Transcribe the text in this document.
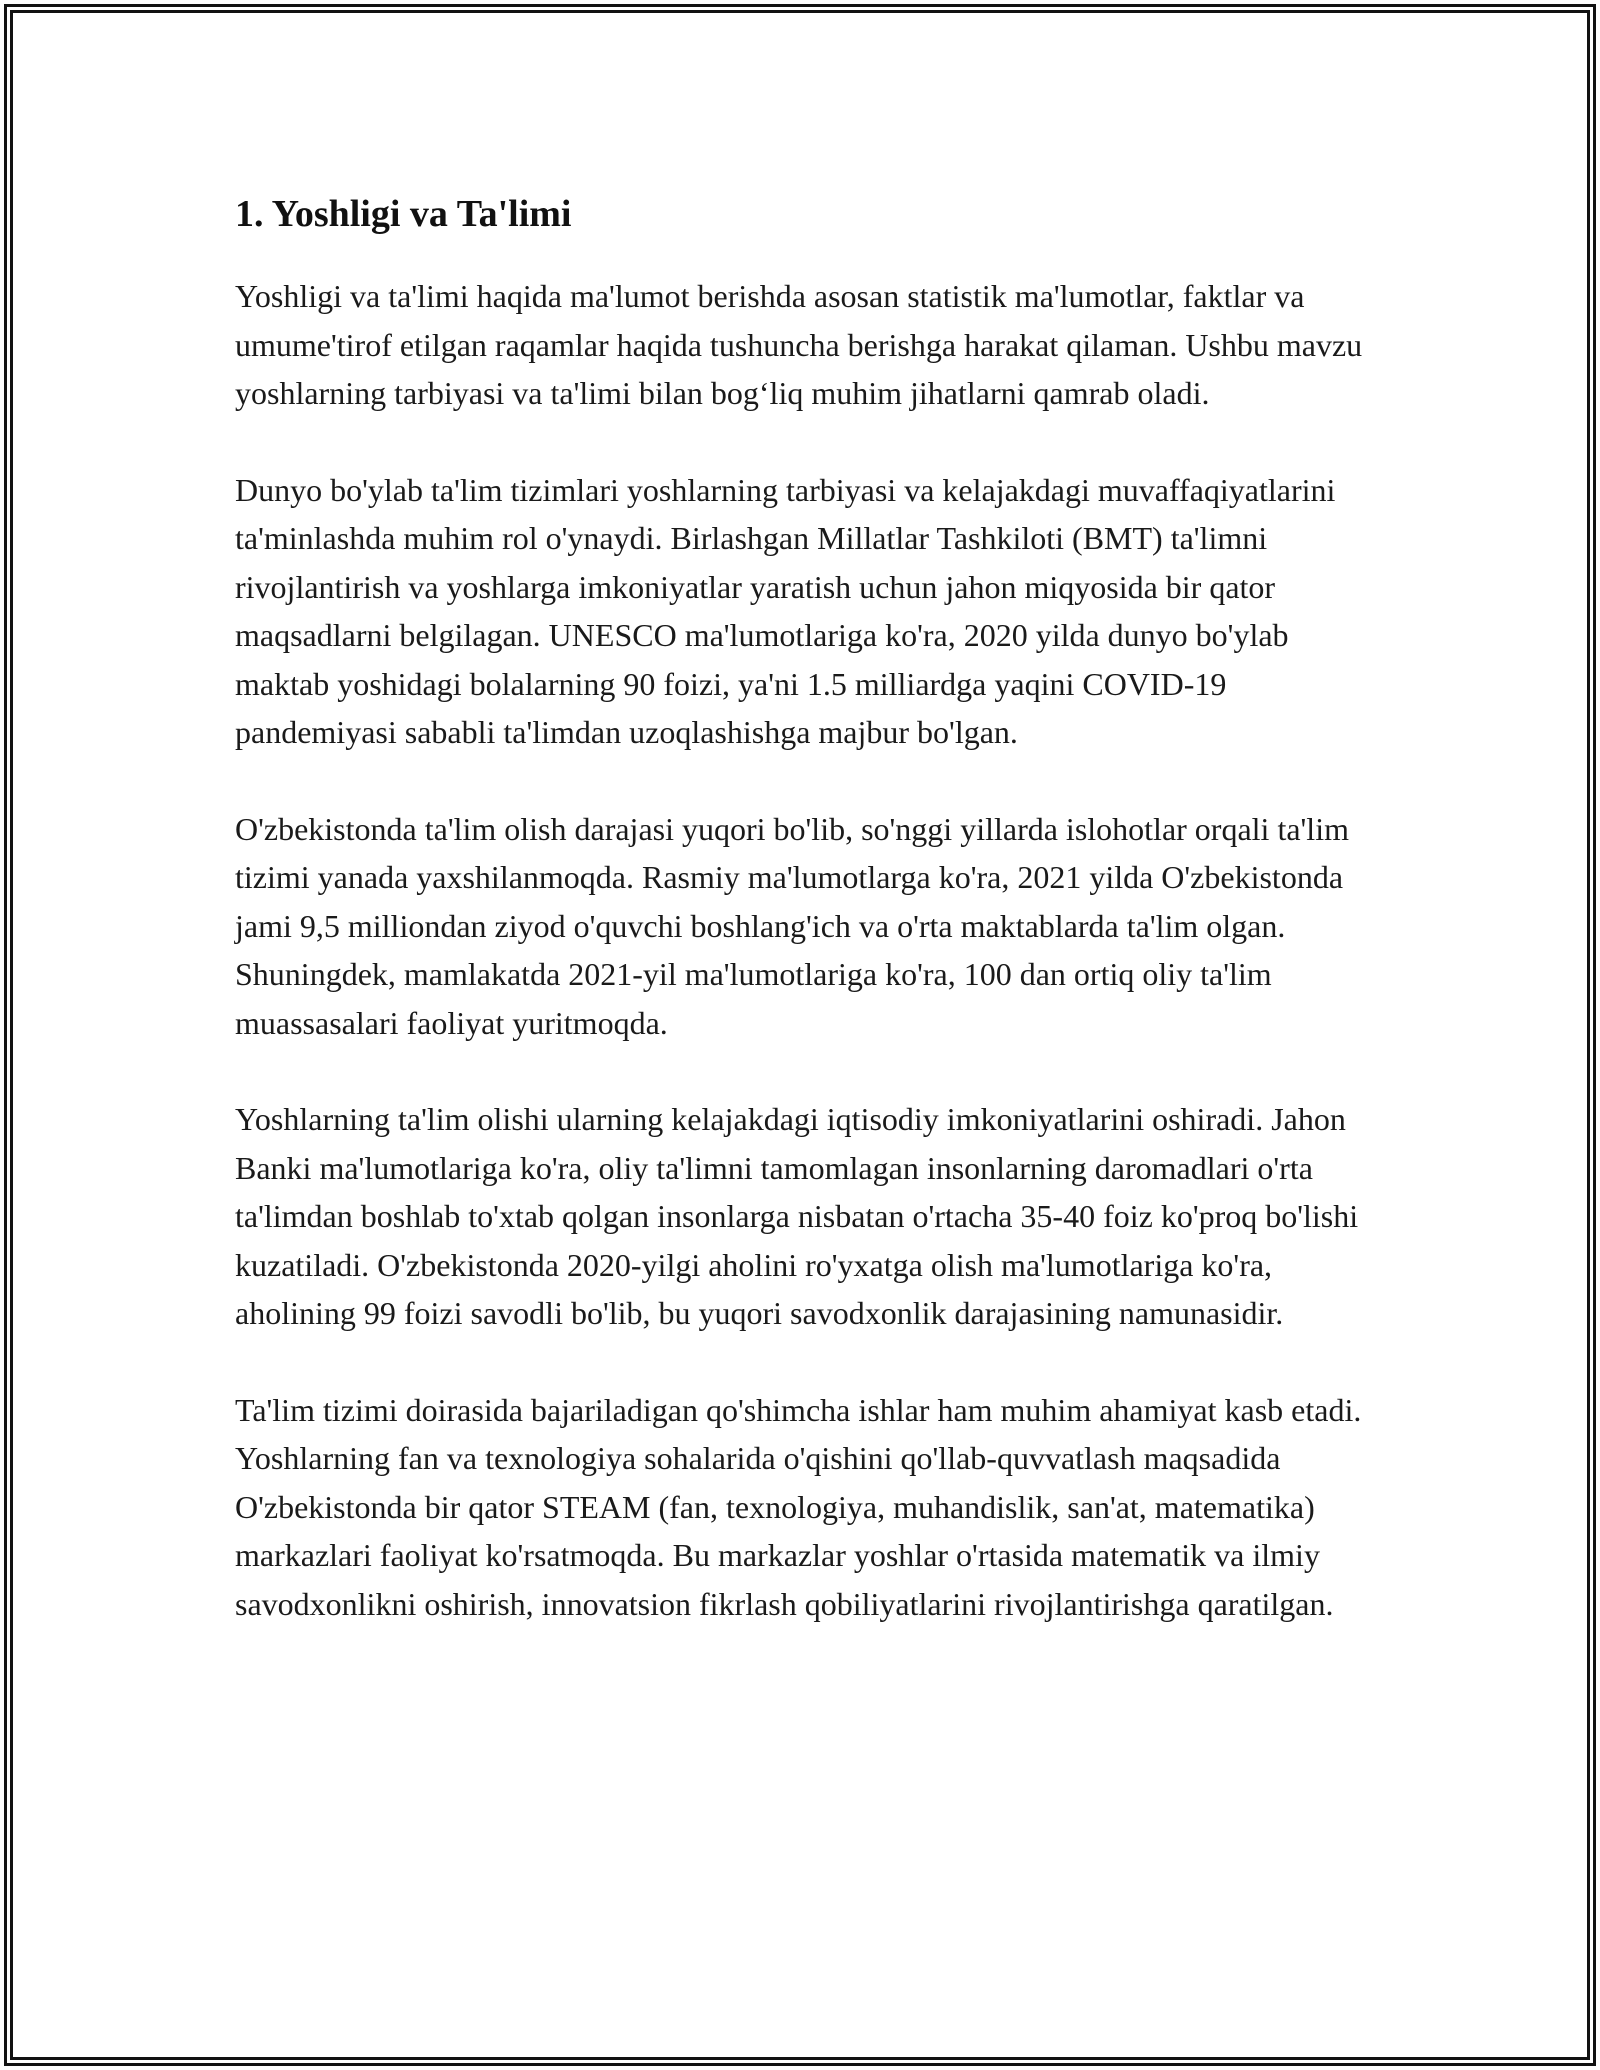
1. Yoshligi va Ta'limi

Yoshligi va ta'limi haqida ma'lumot berishda asosan statistik ma'lumotlar, faktlar va umume'tirof etilgan raqamlar haqida tushuncha berishga harakat qilaman. Ushbu mavzu yoshlarning tarbiyasi va ta'limi bilan bog‘liq muhim jihatlarni qamrab oladi.

Dunyo bo'ylab ta'lim tizimlari yoshlarning tarbiyasi va kelajakdagi muvaffaqiyatlarini ta'minlashda muhim rol o'ynaydi. Birlashgan Millatlar Tashkiloti (BMT) ta'limni rivojlantirish va yoshlarga imkoniyatlar yaratish uchun jahon miqyosida bir qator maqsadlarni belgilagan. UNESCO ma'lumotlariga ko'ra, 2020 yilda dunyo bo'ylab maktab yoshidagi bolalarning 90 foizi, ya'ni 1.5 milliardga yaqini COVID-19 pandemiyasi sababli ta'limdan uzoqlashishga majbur bo'lgan.

O'zbekistonda ta'lim olish darajasi yuqori bo'lib, so'nggi yillarda islohotlar orqali ta'lim tizimi yanada yaxshilanmoqda. Rasmiy ma'lumotlarga ko'ra, 2021 yilda O'zbekistonda jami 9,5 milliondan ziyod o'quvchi boshlang'ich va o'rta maktablarda ta'lim olgan. Shuningdek, mamlakatda 2021-yil ma'lumotlariga ko'ra, 100 dan ortiq oliy ta'lim muassasalari faoliyat yuritmoqda.

Yoshlarning ta'lim olishi ularning kelajakdagi iqtisodiy imkoniyatlarini oshiradi. Jahon Banki ma'lumotlariga ko'ra, oliy ta'limni tamomlagan insonlarning daromadlari o'rta ta'limdan boshlab to'xtab qolgan insonlarga nisbatan o'rtacha 35-40 foiz ko'proq bo'lishi kuzatiladi. O'zbekistonda 2020-yilgi aholini ro'yxatga olish ma'lumotlariga ko'ra, aholining 99 foizi savodli bo'lib, bu yuqori savodxonlik darajasining namunasidir.

Ta'lim tizimi doirasida bajariladigan qo'shimcha ishlar ham muhim ahamiyat kasb etadi. Yoshlarning fan va texnologiya sohalarida o'qishini qo'llab-quvvatlash maqsadida O'zbekistonda bir qator STEAM (fan, texnologiya, muhandislik, san'at, matematika) markazlari faoliyat ko'rsatmoqda. Bu markazlar yoshlar o'rtasida matematik va ilmiy savodxonlikni oshirish, innovatsion fikrlash qobiliyatlarini rivojlantirishga qaratilgan.
